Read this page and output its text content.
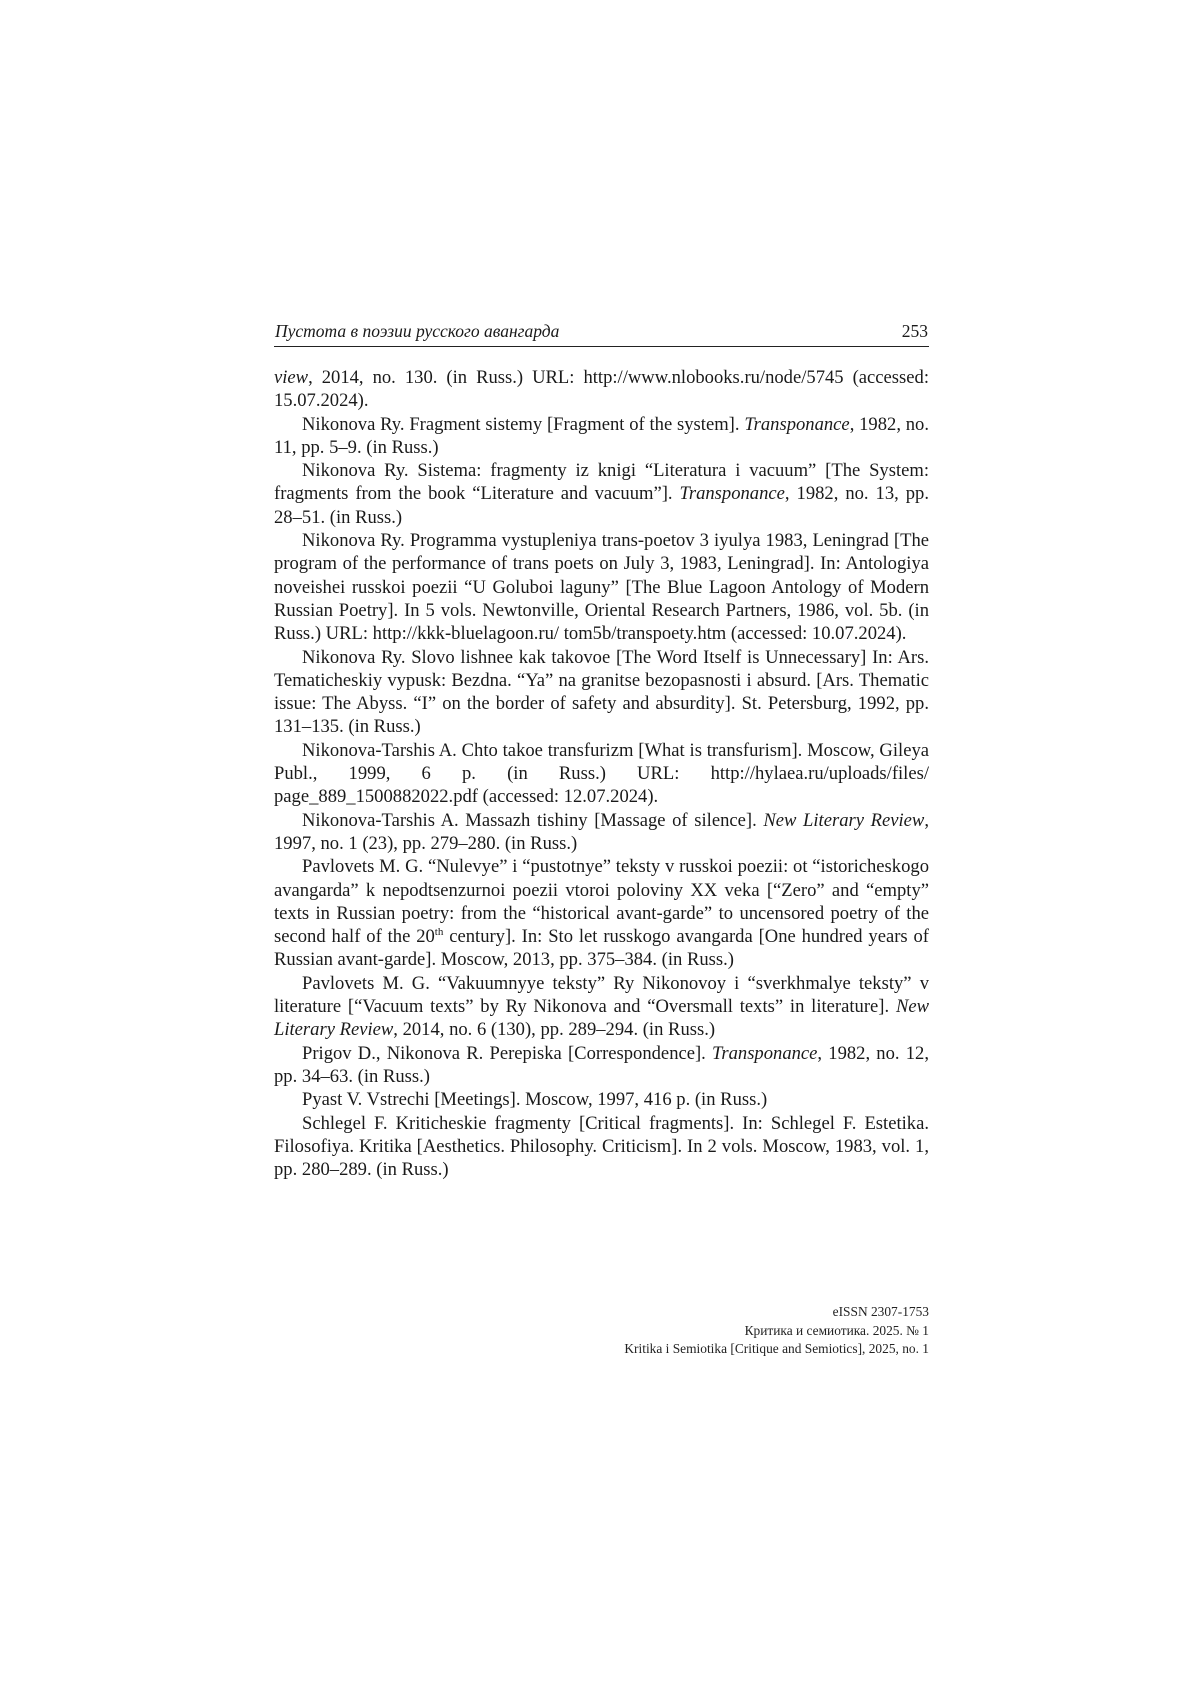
Пустота в поэзии русского авангарда	253

view, 2014, no. 130. (in Russ.) URL: http://www.nlobooks.ru/node/5745 (accessed: 15.07.2024).

Nikonova Ry. Fragment sistemy [Fragment of the system]. Transponance, 1982, no. 11, pp. 5–9. (in Russ.)

Nikonova Ry. Sistema: fragmenty iz knigi “Literatura i vacuum” [The System: fragments from the book “Literature and vacuum”]. Transponance, 1982, no. 13, pp. 28–51. (in Russ.)

Nikonova Ry. Programma vystupleniya trans-poetov 3 iyulya 1983, Leningrad [The program of the performance of trans poets on July 3, 1983, Leningrad]. In: Antologiya noveishei russkoi poezii “U Goluboi laguny” [The Blue Lagoon Antology of Modern Russian Poetry]. In 5 vols. Newtonville, Oriental Research Partners, 1986, vol. 5b. (in Russ.) URL: http://kkk-bluelagoon.ru/ tom5b/transpoety.htm (accessed: 10.07.2024).

Nikonova Ry. Slovo lishnee kak takovoe [The Word Itself is Unnecessary] In: Ars. Tematicheskiy vypusk: Bezdna. “Ya” na granitse bezopasnosti i absurd. [Ars. Thematic issue: The Abyss. “I” on the border of safety and absurdity]. St. Petersburg, 1992, pp. 131–135. (in Russ.)

Nikonova-Tarshis A. Chto takoe transfurizm [What is transfurism]. Moscow, Gileya Publ., 1999, 6 p. (in Russ.) URL: http://hylaea.ru/uploads/files/ page_889_1500882022.pdf (accessed: 12.07.2024).

Nikonova-Tarshis A. Massazh tishiny [Massage of silence]. New Literary Review, 1997, no. 1 (23), pp. 279–280. (in Russ.)

Pavlovets M. G. “Nulevye” i “pustotnye” teksty v russkoi poezii: ot “istoricheskogo avangarda” k nepodtsenzurnoi poezii vtoroi poloviny XX veka [“Zero” and “empty” texts in Russian poetry: from the “historical avant-garde” to uncensored poetry of the second half of the 20th century]. In: Sto let russkogo avangarda [One hundred years of Russian avant-garde]. Moscow, 2013, pp. 375–384. (in Russ.)

Pavlovets M. G. “Vakuumnyye teksty” Ry Nikonovoy i “sverkhmalye teksty” v literature [“Vacuum texts” by Ry Nikonova and “Oversmall texts” in literature]. New Literary Review, 2014, no. 6 (130), pp. 289–294. (in Russ.)

Prigov D., Nikonova R. Perepiska [Correspondence]. Transponance, 1982, no. 12, pp. 34–63. (in Russ.)

Pyast V. Vstrechi [Meetings]. Moscow, 1997, 416 p. (in Russ.)

Schlegel F. Kriticheskie fragmenty [Critical fragments]. In: Schlegel F. Estetika. Filosofiya. Kritika [Aesthetics. Philosophy. Criticism]. In 2 vols. Moscow, 1983, vol. 1, pp. 280–289. (in Russ.)

eISSN 2307-1753
Критика и семиотика. 2025. № 1
Kritika i Semiotika [Critique and Semiotics], 2025, no. 1
